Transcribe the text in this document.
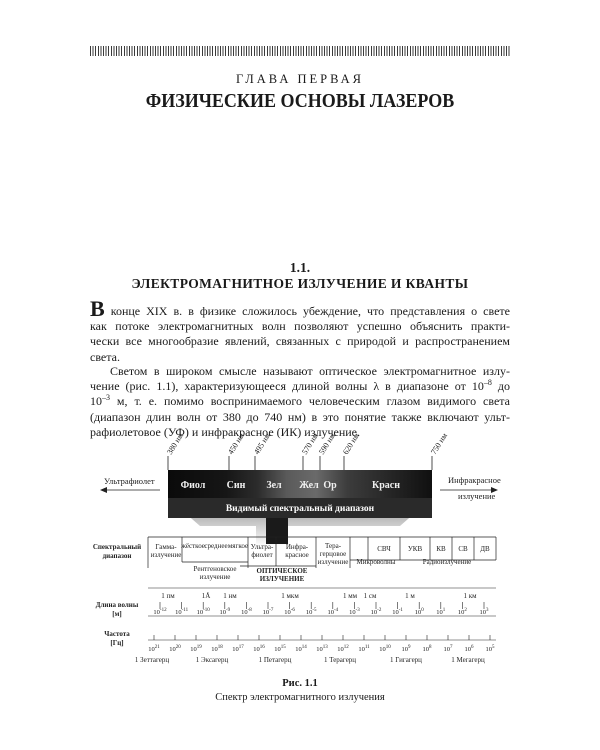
ГЛАВА ПЕРВАЯ
ФИЗИЧЕСКИЕ ОСНОВЫ ЛАЗЕРОВ
1.1.
ЭЛЕКТРОМАГНИТНОЕ ИЗЛУЧЕНИЕ И КВАНТЫ
В конце XIX в. в физике сложилось убеждение, что представления о свете
как потоке электромагнитных волн позволяют успешно объяснить практи-
чески все многообразие явлений, связанных с природой и распространением
света.
Светом в широком смысле называют оптическое электромагнитное излу-
чение (рис. 1.1), характеризующееся длиной волны λ в диапазоне от $10^{-8}$ до
$10^{-3}$ м, т. е. помимо воспринимаемого человеческим глазом видимого света
(диапазон длин волн от 380 до 740 нм) в это понятие также включают ульт-
рафиолетовое (УФ) и инфракрасное (ИК) излучение.
380 нм	450 нм 495 нм	570 нм
590 нм 620 нм	750 нм
Фиол Син Зел Жел Ор	Красн
Ультрафиолет	Инфракрасное
излучение
Видимый спектральный диапазон
Спектральный
диапазон
Гамма-
излучение
жёсткое среднее мягкое
Рентгеновское
излучение
Ультра-
фиолет
Инфра-
красное
Тера-
герцовое
излучение
ОПТИЧЕСКОЕ
ИЗЛУЧЕНИЕ
Микроволны	Радиоизлучение
СВЧ УКВ КВ СВ ДВ
Длина волны
[м]
1 пм	1Å 1 нм	1 мкм	1 мм 1 см	1 м	1 км
$10^{-12}$ $10^{-11}$ $10^{-10}$ $10^{-9}$ $10^{-8}$ $10^{-7}$ $10^{-6}$ $10^{-5}$ $10^{-4}$ $10^{-3}$ $10^{-2}$ $10^{-1}$ $10^0$ $10^1$ $10^2$ $10^3$
Частота
[Гц]
$10^{21}$ $10^{20}$ $10^{19}$ $10^{18}$ $10^{17}$ $10^{16}$ $10^{15}$ $10^{14}$ $10^{13}$ $10^{12}$ $10^{11}$ $10^{10}$ $10^9$ $10^8$ $10^7$ $10^6$ $10^5$
1 Зеттагерц	1 Эксагерц	1 Петагерц	1 Терагерц	1 Гигагерц	1 Мегагерц
Рис. 1.1
Спектр электромагнитного излучения
